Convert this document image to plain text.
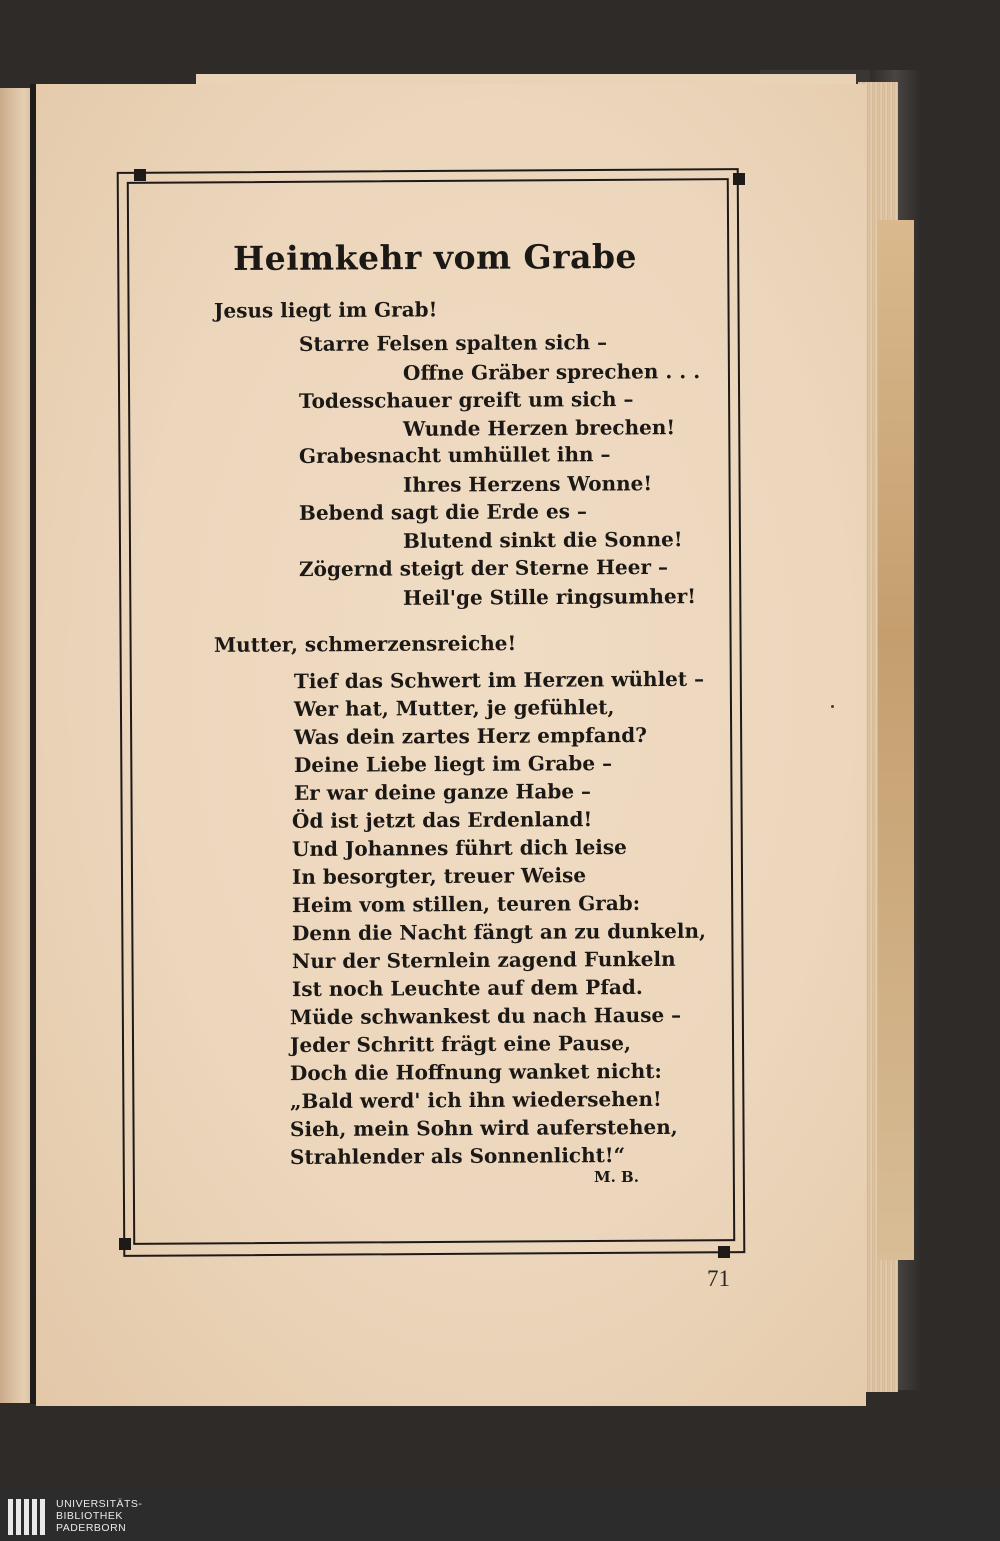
Heimkehr vom Grabe
Jesus liegt im Grab!
Starre Felsen spalten sich –
Offne Gräber sprechen . . .
Todesschauer greift um sich –
Wunde Herzen brechen!
Grabesnacht umhüllet ihn –
Ihres Herzens Wonne!
Bebend sagt die Erde es –
Blutend sinkt die Sonne!
Zögernd steigt der Sterne Heer –
Heil'ge Stille ringsumher!
Mutter, schmerzensreiche!
Tief das Schwert im Herzen wühlet –
Wer hat, Mutter, je gefühlet,
Was dein zartes Herz empfand?
Deine Liebe liegt im Grabe –
Er war deine ganze Habe –
Öd ist jetzt das Erdenland!
Und Johannes führt dich leise
In besorgter, treuer Weise
Heim vom stillen, teuren Grab:
Denn die Nacht fängt an zu dunkeln,
Nur der Sternlein zagend Funkeln
Ist noch Leuchte auf dem Pfad.
Müde schwankest du nach Hause –
Jeder Schritt frägt eine Pause,
Doch die Hoffnung wanket nicht:
„Bald werd' ich ihn wiedersehen!
Sieh, mein Sohn wird auferstehen,
Strahlender als Sonnenlicht!“
M. B.
71
UNIVERSITÄTS-
BIBLIOTHEK
PADERBORN
